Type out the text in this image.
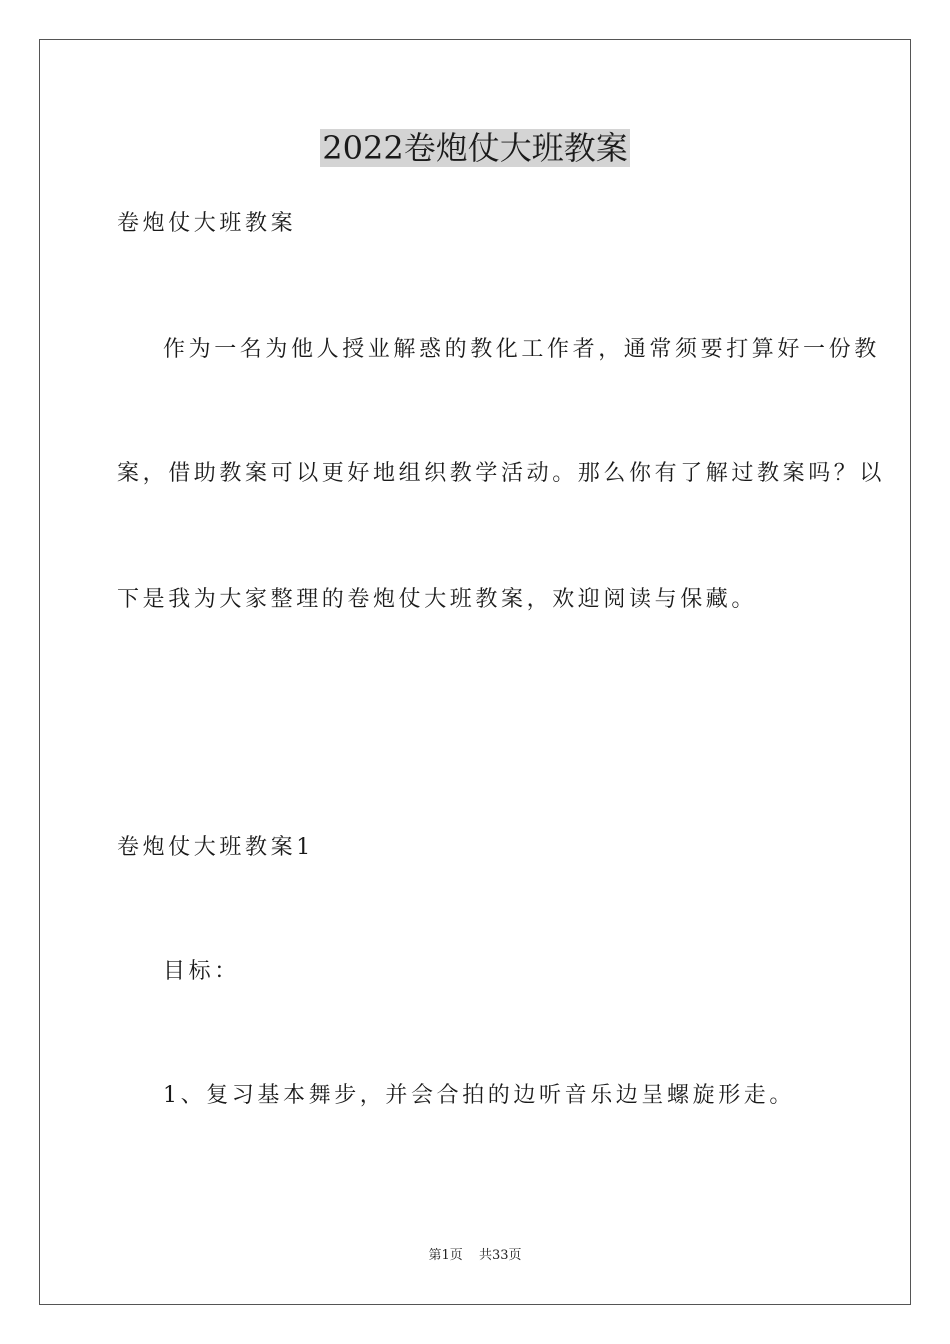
2022卷炮仗大班教案

卷炮仗大班教案

作为一名为他人授业解惑的教化工作者，通常须要打算好一份教

案，借助教案可以更好地组织教学活动。那么你有了解过教案吗？以

下是我为大家整理的卷炮仗大班教案，欢迎阅读与保藏。

卷炮仗大班教案1

目标：

1、复习基本舞步，并会合拍的边听音乐边呈螺旋形走。

第1页 共33页
